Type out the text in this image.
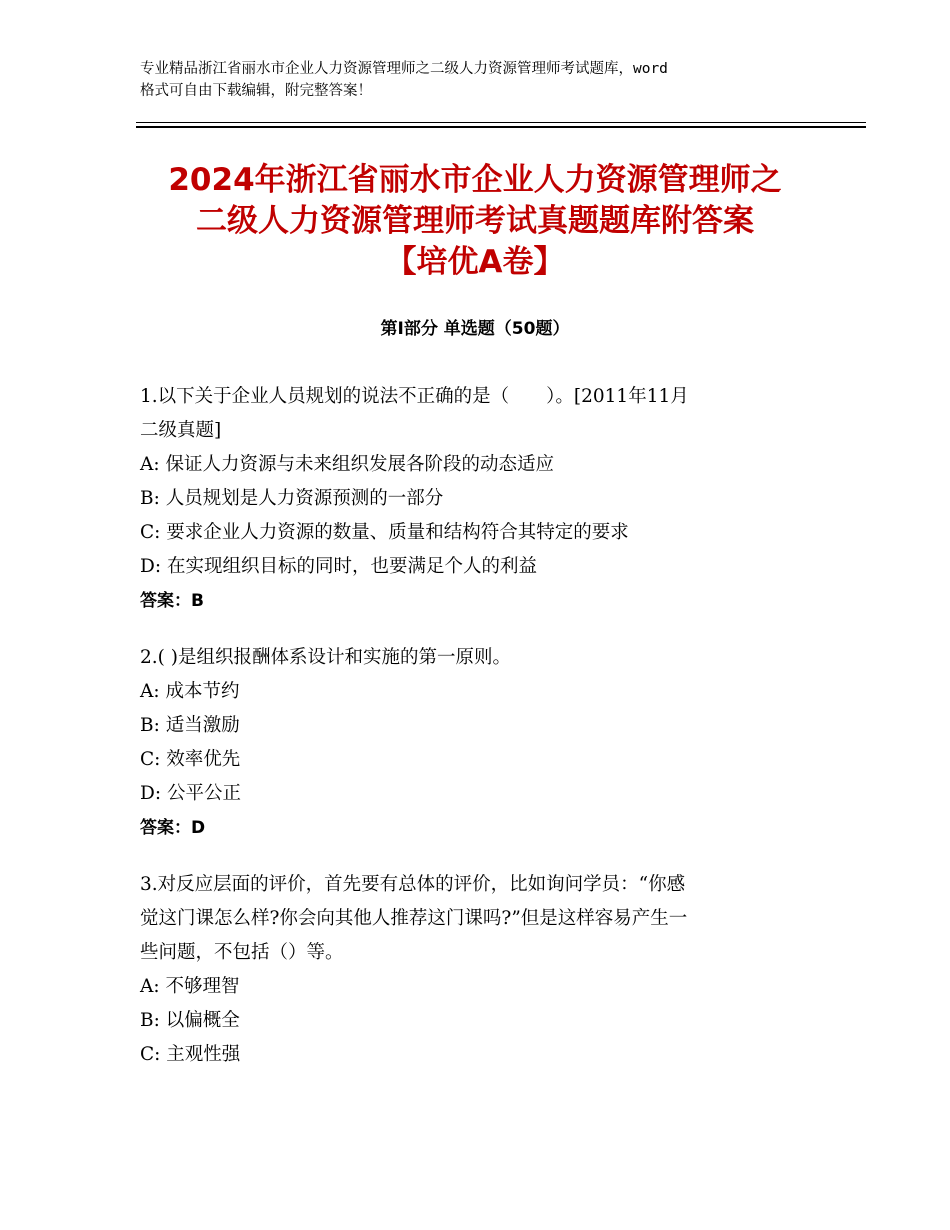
专业精品浙江省丽水市企业人力资源管理师之二级人力资源管理师考试题库，word
格式可自由下载编辑，附完整答案！
2024年浙江省丽水市企业人力资源管理师之
二级人力资源管理师考试真题题库附答案
【培优A卷】
第Ⅰ部分 单选题（50题）
1.以下关于企业人员规划的说法不正确的是（　　）。[2011年11月
二级真题]
A: 保证人力资源与未来组织发展各阶段的动态适应
B: 人员规划是人力资源预测的一部分
C: 要求企业人力资源的数量、质量和结构符合其特定的要求
D: 在实现组织目标的同时，也要满足个人的利益
答案：B
2.( )是组织报酬体系设计和实施的第一原则。
A: 成本节约
B: 适当激励
C: 效率优先
D: 公平公正
答案：D
3.对反应层面的评价，首先要有总体的评价，比如询问学员：“你感
觉这门课怎么样?你会向其他人推荐这门课吗?”但是这样容易产生一
些问题，不包括（）等。
A: 不够理智
B: 以偏概全
C: 主观性强
